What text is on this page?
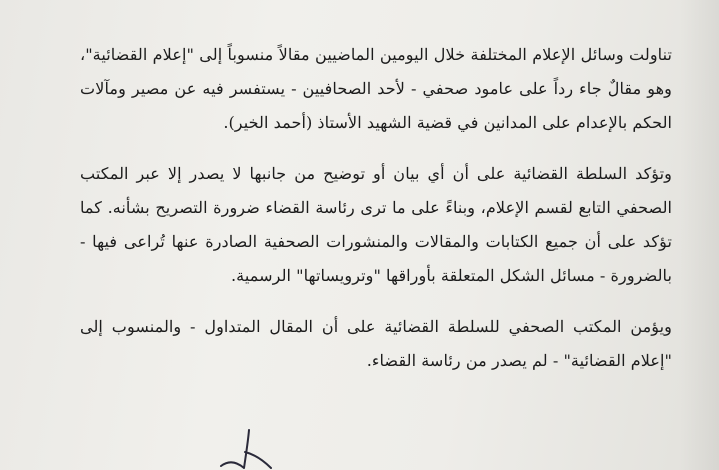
تناولت وسائل الإعلام المختلفة خلال اليومين الماضيين مقالاً منسوباً إلى "إعلام القضائية"، وهو مقالٌ جاء رداً على عامود صحفي - لأحد الصحافيين - يستفسر فيه عن مصير ومآلات الحكم بالإعدام على المدانين في قضية الشهيد الأستاذ (أحمد الخير).

وتؤكد السلطة القضائية على أن أي بيان أو توضيح من جانبها لا يصدر إلا عبر المكتب الصحفي التابع لقسم الإعلام، وبناءً على ما ترى رئاسة القضاء ضرورة التصريح بشأنه. كما تؤكد على أن جميع الكتابات والمقالات والمنشورات الصحفية الصادرة عنها تُراعى فيها - بالضرورة - مسائل الشكل المتعلقة بأوراقها "وترويساتها" الرسمية.

ويؤمن المكتب الصحفي للسلطة القضائية على أن المقال المتداول - والمنسوب إلى "إعلام القضائية" - لم يصدر من رئاسة القضاء.
